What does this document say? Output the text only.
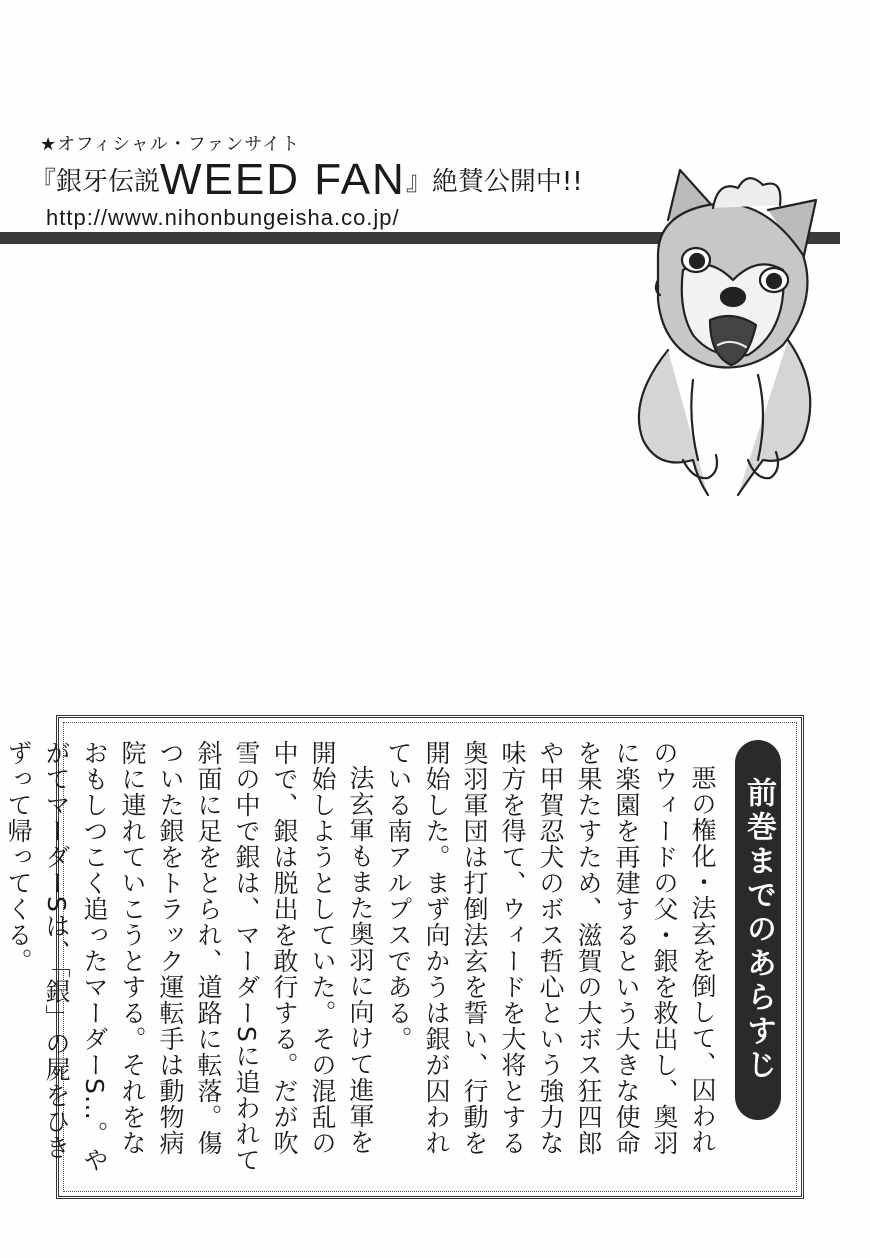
★オフィシャル・ファンサイト
『銀牙伝説WEED FAN』絶賛公開中!!
http://www.nihonbungeisha.co.jp/
前巻までのあらすじ

悪の権化・法玄を倒して、囚われのウィードの父・銀を救出し、奥羽に楽園を再建するという大きな使命を果たすため、滋賀の大ボス狂四郎や甲賀忍犬のボス哲心という強力な味方を得て、ウィードを大将とする奥羽軍団は打倒法玄を誓い、行動を開始した。まず向かうは銀が囚われている南アルプスである。

法玄軍もまた奥羽に向けて進軍を開始しようとしていた。その混乱の中で、銀は脱出を敢行する。だが吹雪の中で銀は、マーダーSに追われて斜面に足をとられ、道路に転落。傷ついた銀をトラック運転手は動物病院に連れていこうとする。それをなおもしつこく追ったマーダーS…。やがてマーダーSは、「銀」の屍をひきずって帰ってくる。
